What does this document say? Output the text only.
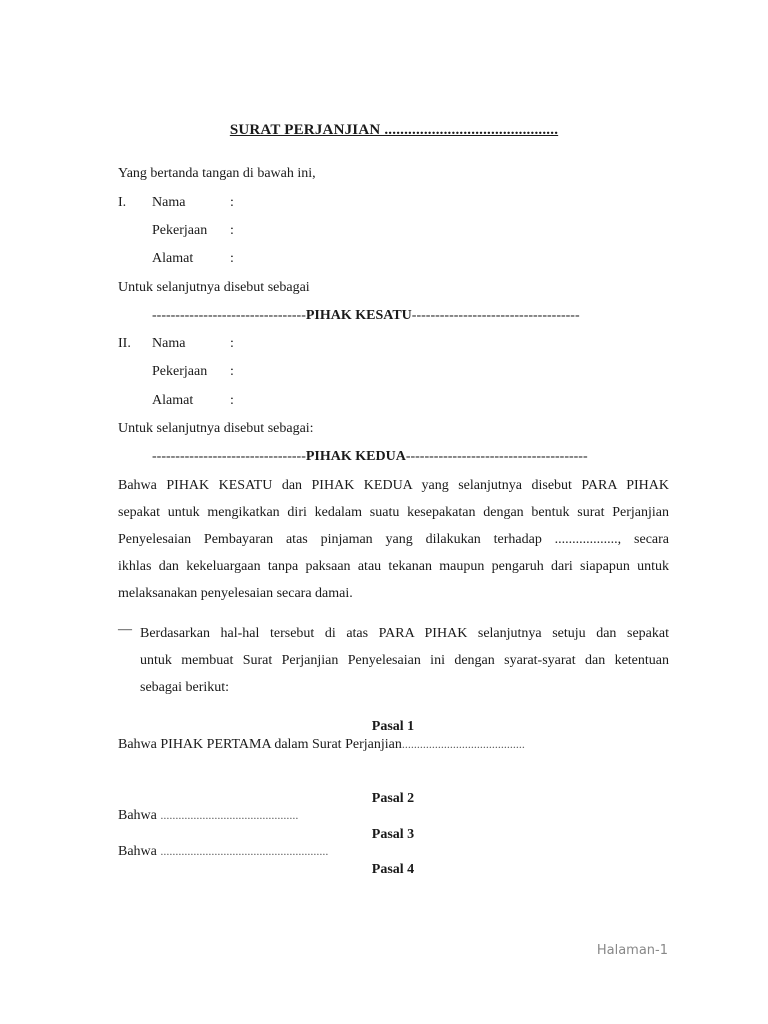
SURAT PERJANJIAN ............................................
Yang bertanda tangan di bawah ini,
I. Nama	:
Pekerjaan :
Alamat	:
Untuk selanjutnya disebut sebagai
---------------------------------PIHAK KESATU------------------------------------
II. Nama	:
Pekerjaan :
Alamat	:
Untuk selanjutnya disebut sebagai:
---------------------------------PIHAK KEDUA---------------------------------------
Bahwa PIHAK KESATU dan PIHAK KEDUA yang selanjutnya disebut PARA PIHAK
sepakat untuk mengikatkan diri kedalam suatu kesepakatan dengan bentuk surat Perjanjian
Penyelesaian Pembayaran atas pinjaman yang dilakukan terhadap .................., secara
ikhlas dan kekeluargaan tanpa paksaan atau tekanan maupun pengaruh dari siapapun untuk
melaksanakan penyelesaian secara damai.
— Berdasarkan hal-hal tersebut di atas PARA PIHAK selanjutnya setuju dan sepakat
untuk membuat Surat Perjanjian Penyelesaian ini dengan syarat-syarat dan ketentuan
sebagai berikut:
Pasal 1
Bahwa PIHAK PERTAMA dalam Surat Perjanjian.........................................
Pasal 2
Bahwa ..............................................
Pasal 3
Bahwa ........................................................
Pasal 4
Halaman-1
